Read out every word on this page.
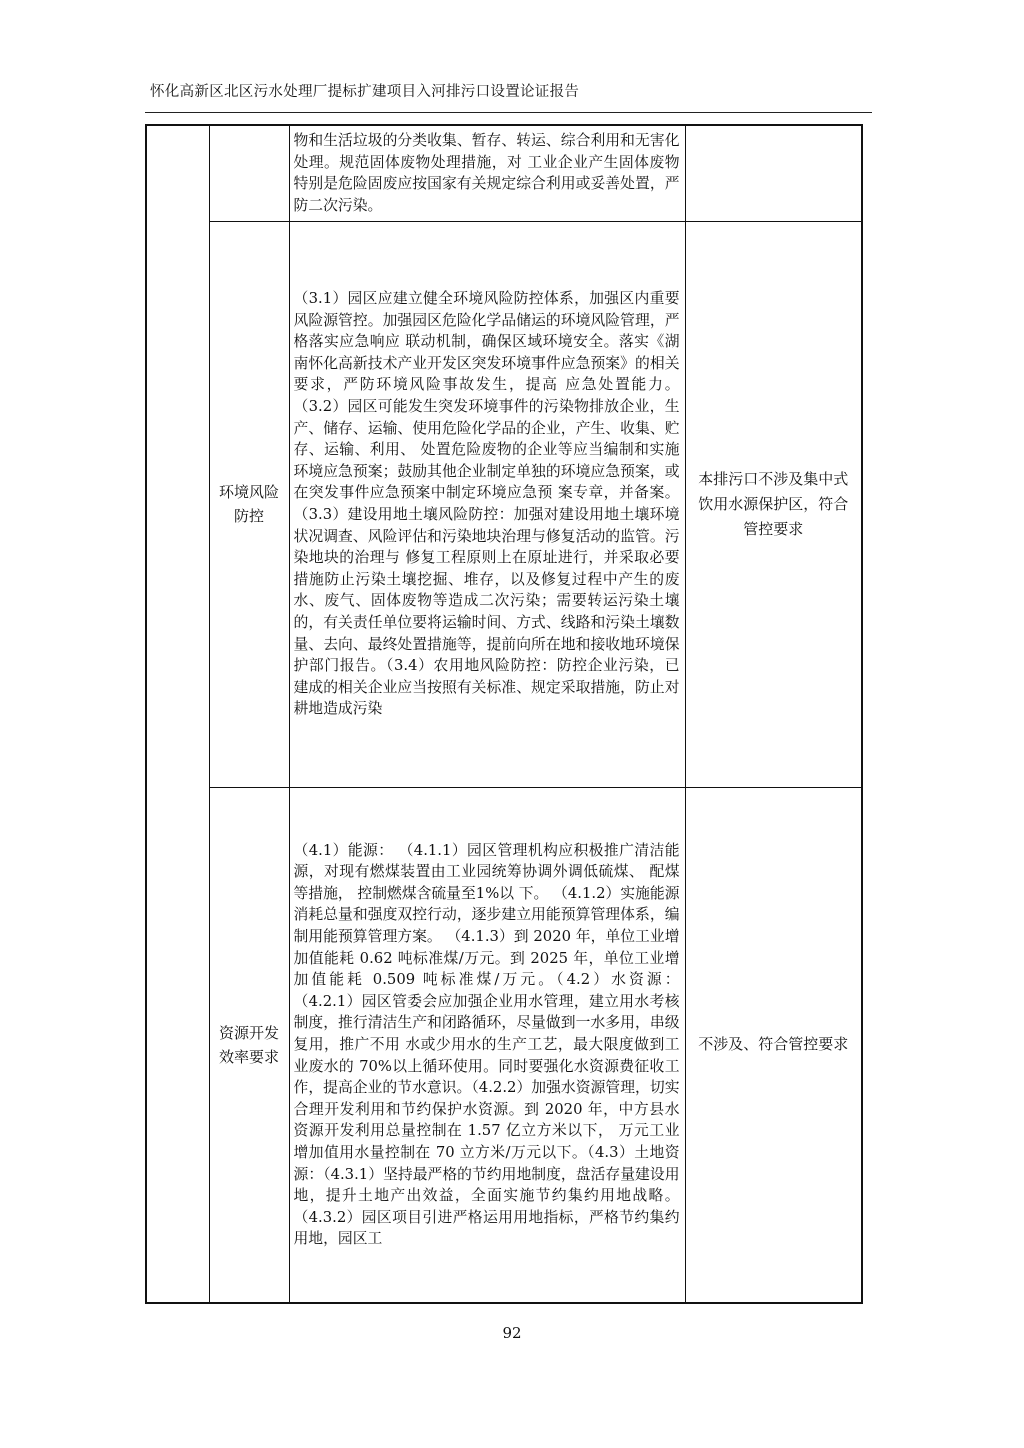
怀化高新区北区污水处理厂提标扩建项目入河排污口设置论证报告

		物和生活垃圾的分类收集、暂存、转运、综合利用和无害化处理。规范固体废物处理措施，对 工业企业产生固体废物特别是危险固废应按国家有关规定综合利用或妥善处置，严防二次污染。	

	环境风险防控	（3.1）园区应建立健全环境风险防控体系，加强区内重要风险源管控。加强园区危险化学品储运的环境风险管理，严格落实应急响应 联动机制，确保区域环境安全。落实《湖南怀化高新技术产业开发区突发环境事件应急预案》的相关要求，严防环境风险事故发生，提高 应急处置能力。 （3.2）园区可能发生突发环境事件的污染物排放企业，生产、储存、运输、使用危险化学品的企业，产生、收集、贮存、运输、利用、 处置危险废物的企业等应当编制和实施环境应急预案；鼓励其他企业制定单独的环境应急预案，或在突发事件应急预案中制定环境应急预 案专章，并备案。（3.3）建设用地土壤风险防控：加强对建设用地土壤环境状况调查、风险评估和污染地块治理与修复活动的监管。污染地块的治理与 修复工程原则上在原址进行，并采取必要措施防止污染土壤挖掘、堆存，以及修复过程中产生的废水、废气、固体废物等造成二次污染；需要转运污染土壤的，有关责任单位要将运输时间、方式、线路和污染土壤数量、去向、最终处置措施等，提前向所在地和接收地环境保 护部门报告。（3.4）农用地风险防控：防控企业污染，已建成的相关企业应当按照有关标准、规定采取措施，防止对耕地造成污染	本排污口不涉及集中式饮用水源保护区，符合管控要求

	资源开发效率要求	（4.1）能源： （4.1.1）园区管理机构应积极推广清洁能源，对现有燃煤装置由工业园统筹协调外调低硫煤、 配煤等措施， 控制燃煤含硫量至1%以 下。 （4.1.2）实施能源消耗总量和强度双控行动，逐步建立用能预算管理体系，编制用能预算管理方案。 （4.1.3）到 2020 年，单位工业增加值能耗 0.62 吨标准煤/万元。到 2025 年，单位工业增加值能耗 0.509 吨标准煤/万元。（4.2）水资源： （4.2.1）园区管委会应加强企业用水管理，建立用水考核制度，推行清洁生产和闭路循环，尽量做到一水多用，串级复用，推广不用 水或少用水的生产工艺，最大限度做到工业废水的 70%以上循环使用。同时要强化水资源费征收工作，提高企业的节水意识。（4.2.2）加强水资源管理，切实合理开发利用和节约保护水资源。到 2020 年，中方县水资源开发利用总量控制在 1.57 亿立方米以下， 万元工业增加值用水量控制在 70 立方米/万元以下。（4.3）土地资源：（4.3.1）坚持最严格的节约用地制度，盘活存量建设用地，提升土地产出效益，全面实施节约集约用地战略。 （4.3.2）园区项目引进严格运用用地指标，严格节约集约用地，园区工	不涉及、符合管控要求
92
